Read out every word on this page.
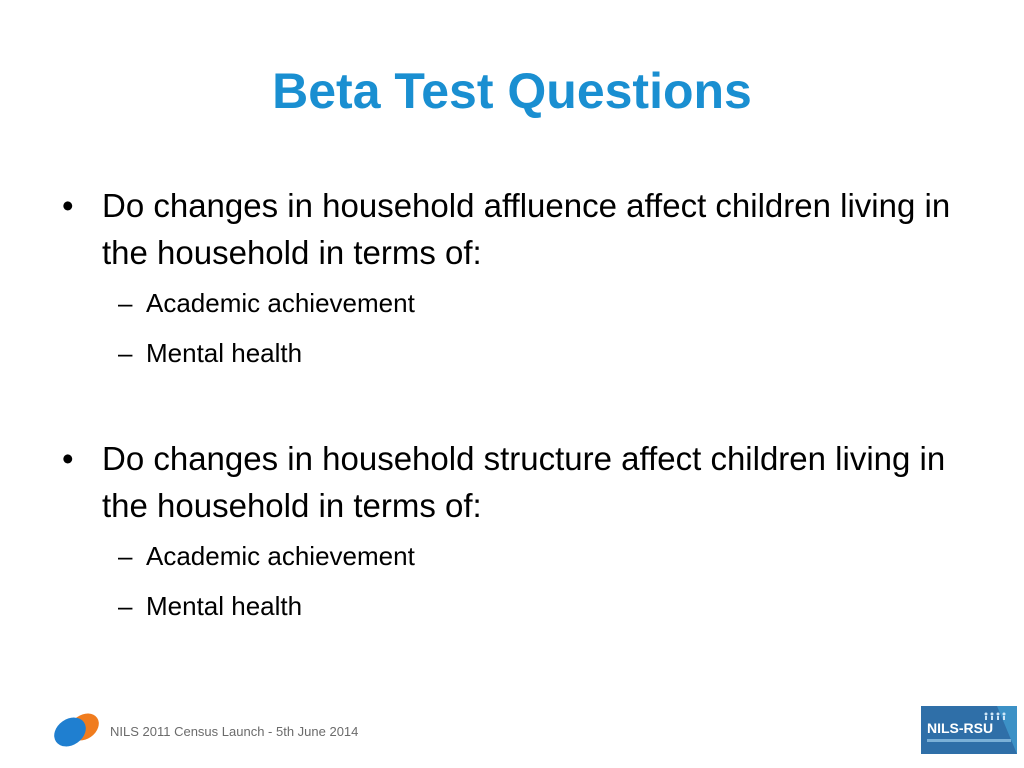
Beta Test Questions
• Do changes in household affluence affect children living in the household in terms of:
– Academic achievement
– Mental health
• Do changes in household structure affect children living in the household in terms of:
– Academic achievement
– Mental health
NILS 2011 Census Launch - 5th June 2014	NILS-RSU
